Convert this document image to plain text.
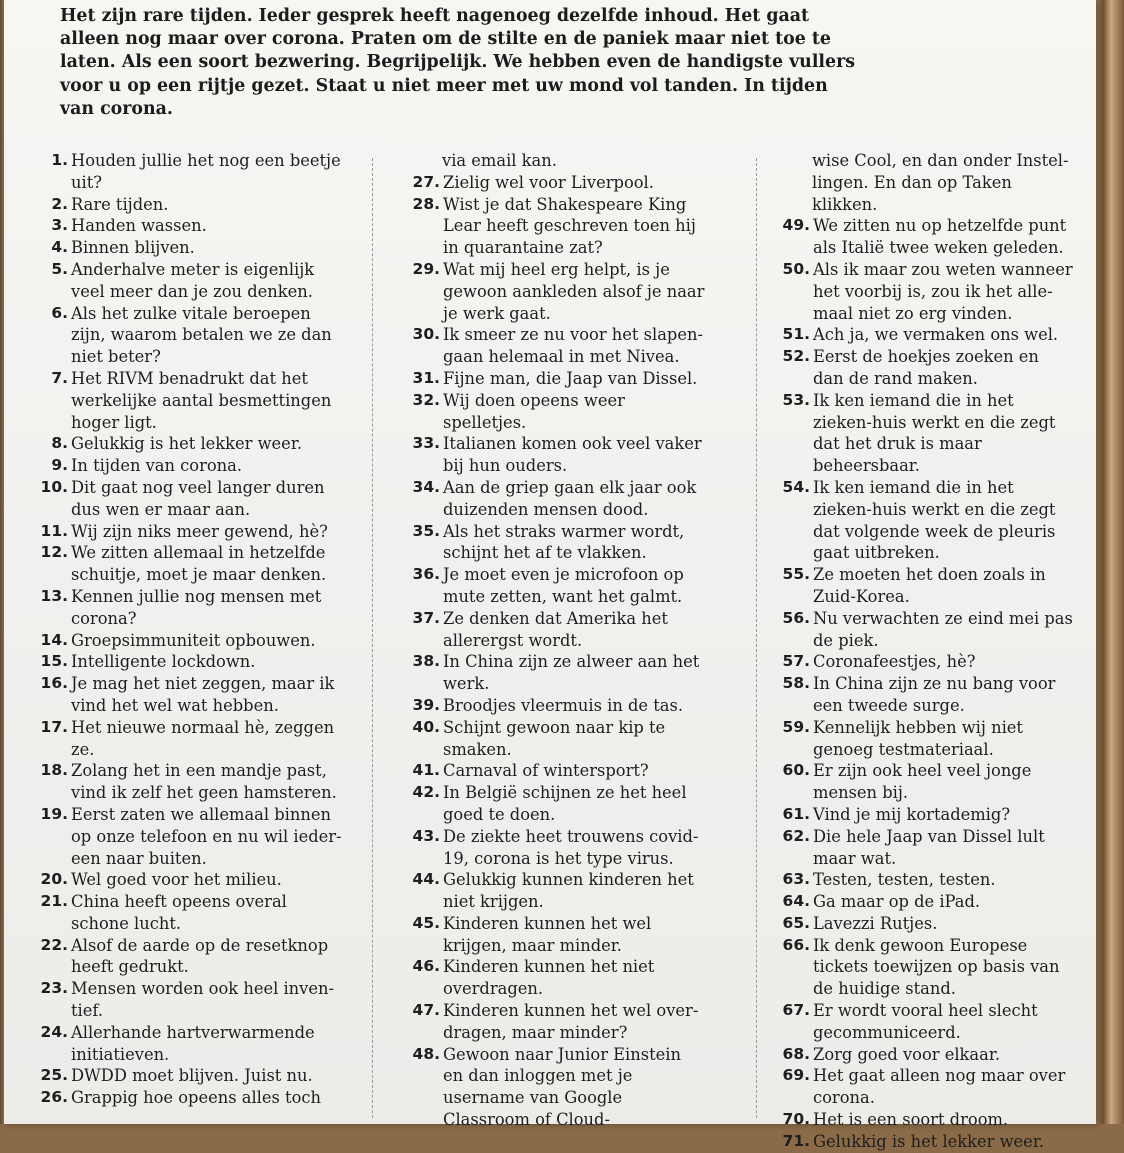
Het zijn rare tijden. Ieder gesprek heeft nagenoeg dezelfde inhoud. Het gaat alleen nog maar over corona. Praten om de stilte en de paniek maar niet toe te laten. Als een soort bezwering. Begrijpelijk. We hebben even de handigste vullers voor u op een rijtje gezet. Staat u niet meer met uw mond vol tanden. In tijden van corona.

1. Houden jullie het nog een beetje uit?
2. Rare tijden.
3. Handen wassen.
4. Binnen blijven.
5. Anderhalve meter is eigenlijk veel meer dan je zou denken.
6. Als het zulke vitale beroepen zijn, waarom betalen we ze dan niet beter?
7. Het RIVM benadrukt dat het werkelijke aantal besmettingen hoger ligt.
8. Gelukkig is het lekker weer.
9. In tijden van corona.
10. Dit gaat nog veel langer duren dus wen er maar aan.
11. Wij zijn niks meer gewend, hè?
12. We zitten allemaal in hetzelfde schuitje, moet je maar denken.
13. Kennen jullie nog mensen met corona?
14. Groepsimmuniteit opbouwen.
15. Intelligente lockdown.
16. Je mag het niet zeggen, maar ik vind het wel wat hebben.
17. Het nieuwe normaal hè, zeggen ze.
18. Zolang het in een mandje past, vind ik zelf het geen hamsteren.
19. Eerst zaten we allemaal binnen op onze telefoon en nu wil ieder-een naar buiten.
20. Wel goed voor het milieu.
21. China heeft opeens overal schone lucht.
22. Alsof de aarde op de resetknop heeft gedrukt.
23. Mensen worden ook heel inven-tief.
24. Allerhande hartverwarmende initiatieven.
25. DWDD moet blijven. Juist nu.
26. Grappig hoe opeens alles toch
via email kan.
27. Zielig wel voor Liverpool.
28. Wist je dat Shakespeare King Lear heeft geschreven toen hij in quarantaine zat?
29. Wat mij heel erg helpt, is je gewoon aankleden alsof je naar je werk gaat.
30. Ik smeer ze nu voor het slapen-gaan helemaal in met Nivea.
31. Fijne man, die Jaap van Dissel.
32. Wij doen opeens weer spelletjes.
33. Italianen komen ook veel vaker bij hun ouders.
34. Aan de griep gaan elk jaar ook duizenden mensen dood.
35. Als het straks warmer wordt, schijnt het af te vlakken.
36. Je moet even je microfoon op mute zetten, want het galmt.
37. Ze denken dat Amerika het allerergst wordt.
38. In China zijn ze alweer aan het werk.
39. Broodjes vleermuis in de tas.
40. Schijnt gewoon naar kip te smaken.
41. Carnaval of wintersport?
42. In België schijnen ze het heel goed te doen.
43. De ziekte heet trouwens covid-19, corona is het type virus.
44. Gelukkig kunnen kinderen het niet krijgen.
45. Kinderen kunnen het wel krijgen, maar minder.
46. Kinderen kunnen het niet overdragen.
47. Kinderen kunnen het wel over-dragen, maar minder?
48. Gewoon naar Junior Einstein en dan inloggen met je username van Google Classroom of Cloud-
wise Cool, en dan onder Instel-lingen. En dan op Taken klikken.
49. We zitten nu op hetzelfde punt als Italië twee weken geleden.
50. Als ik maar zou weten wanneer het voorbij is, zou ik het alle-maal niet zo erg vinden.
51. Ach ja, we vermaken ons wel.
52. Eerst de hoekjes zoeken en dan de rand maken.
53. Ik ken iemand die in het zieken-huis werkt en die zegt dat het druk is maar beheersbaar.
54. Ik ken iemand die in het zieken-huis werkt en die zegt dat volgende week de pleuris gaat uitbreken.
55. Ze moeten het doen zoals in Zuid-Korea.
56. Nu verwachten ze eind mei pas de piek.
57. Coronafeestjes, hè?
58. In China zijn ze nu bang voor een tweede surge.
59. Kennelijk hebben wij niet genoeg testmateriaal.
60. Er zijn ook heel veel jonge mensen bij.
61. Vind je mij kortademig?
62. Die hele Jaap van Dissel lult maar wat.
63. Testen, testen, testen.
64. Ga maar op de iPad.
65. Lavezzi Rutjes.
66. Ik denk gewoon Europese tickets toewijzen op basis van de huidige stand.
67. Er wordt vooral heel slecht gecommuniceerd.
68. Zorg goed voor elkaar.
69. Het gaat alleen nog maar over corona.
70. Het is een soort droom.
71. Gelukkig is het lekker weer.
